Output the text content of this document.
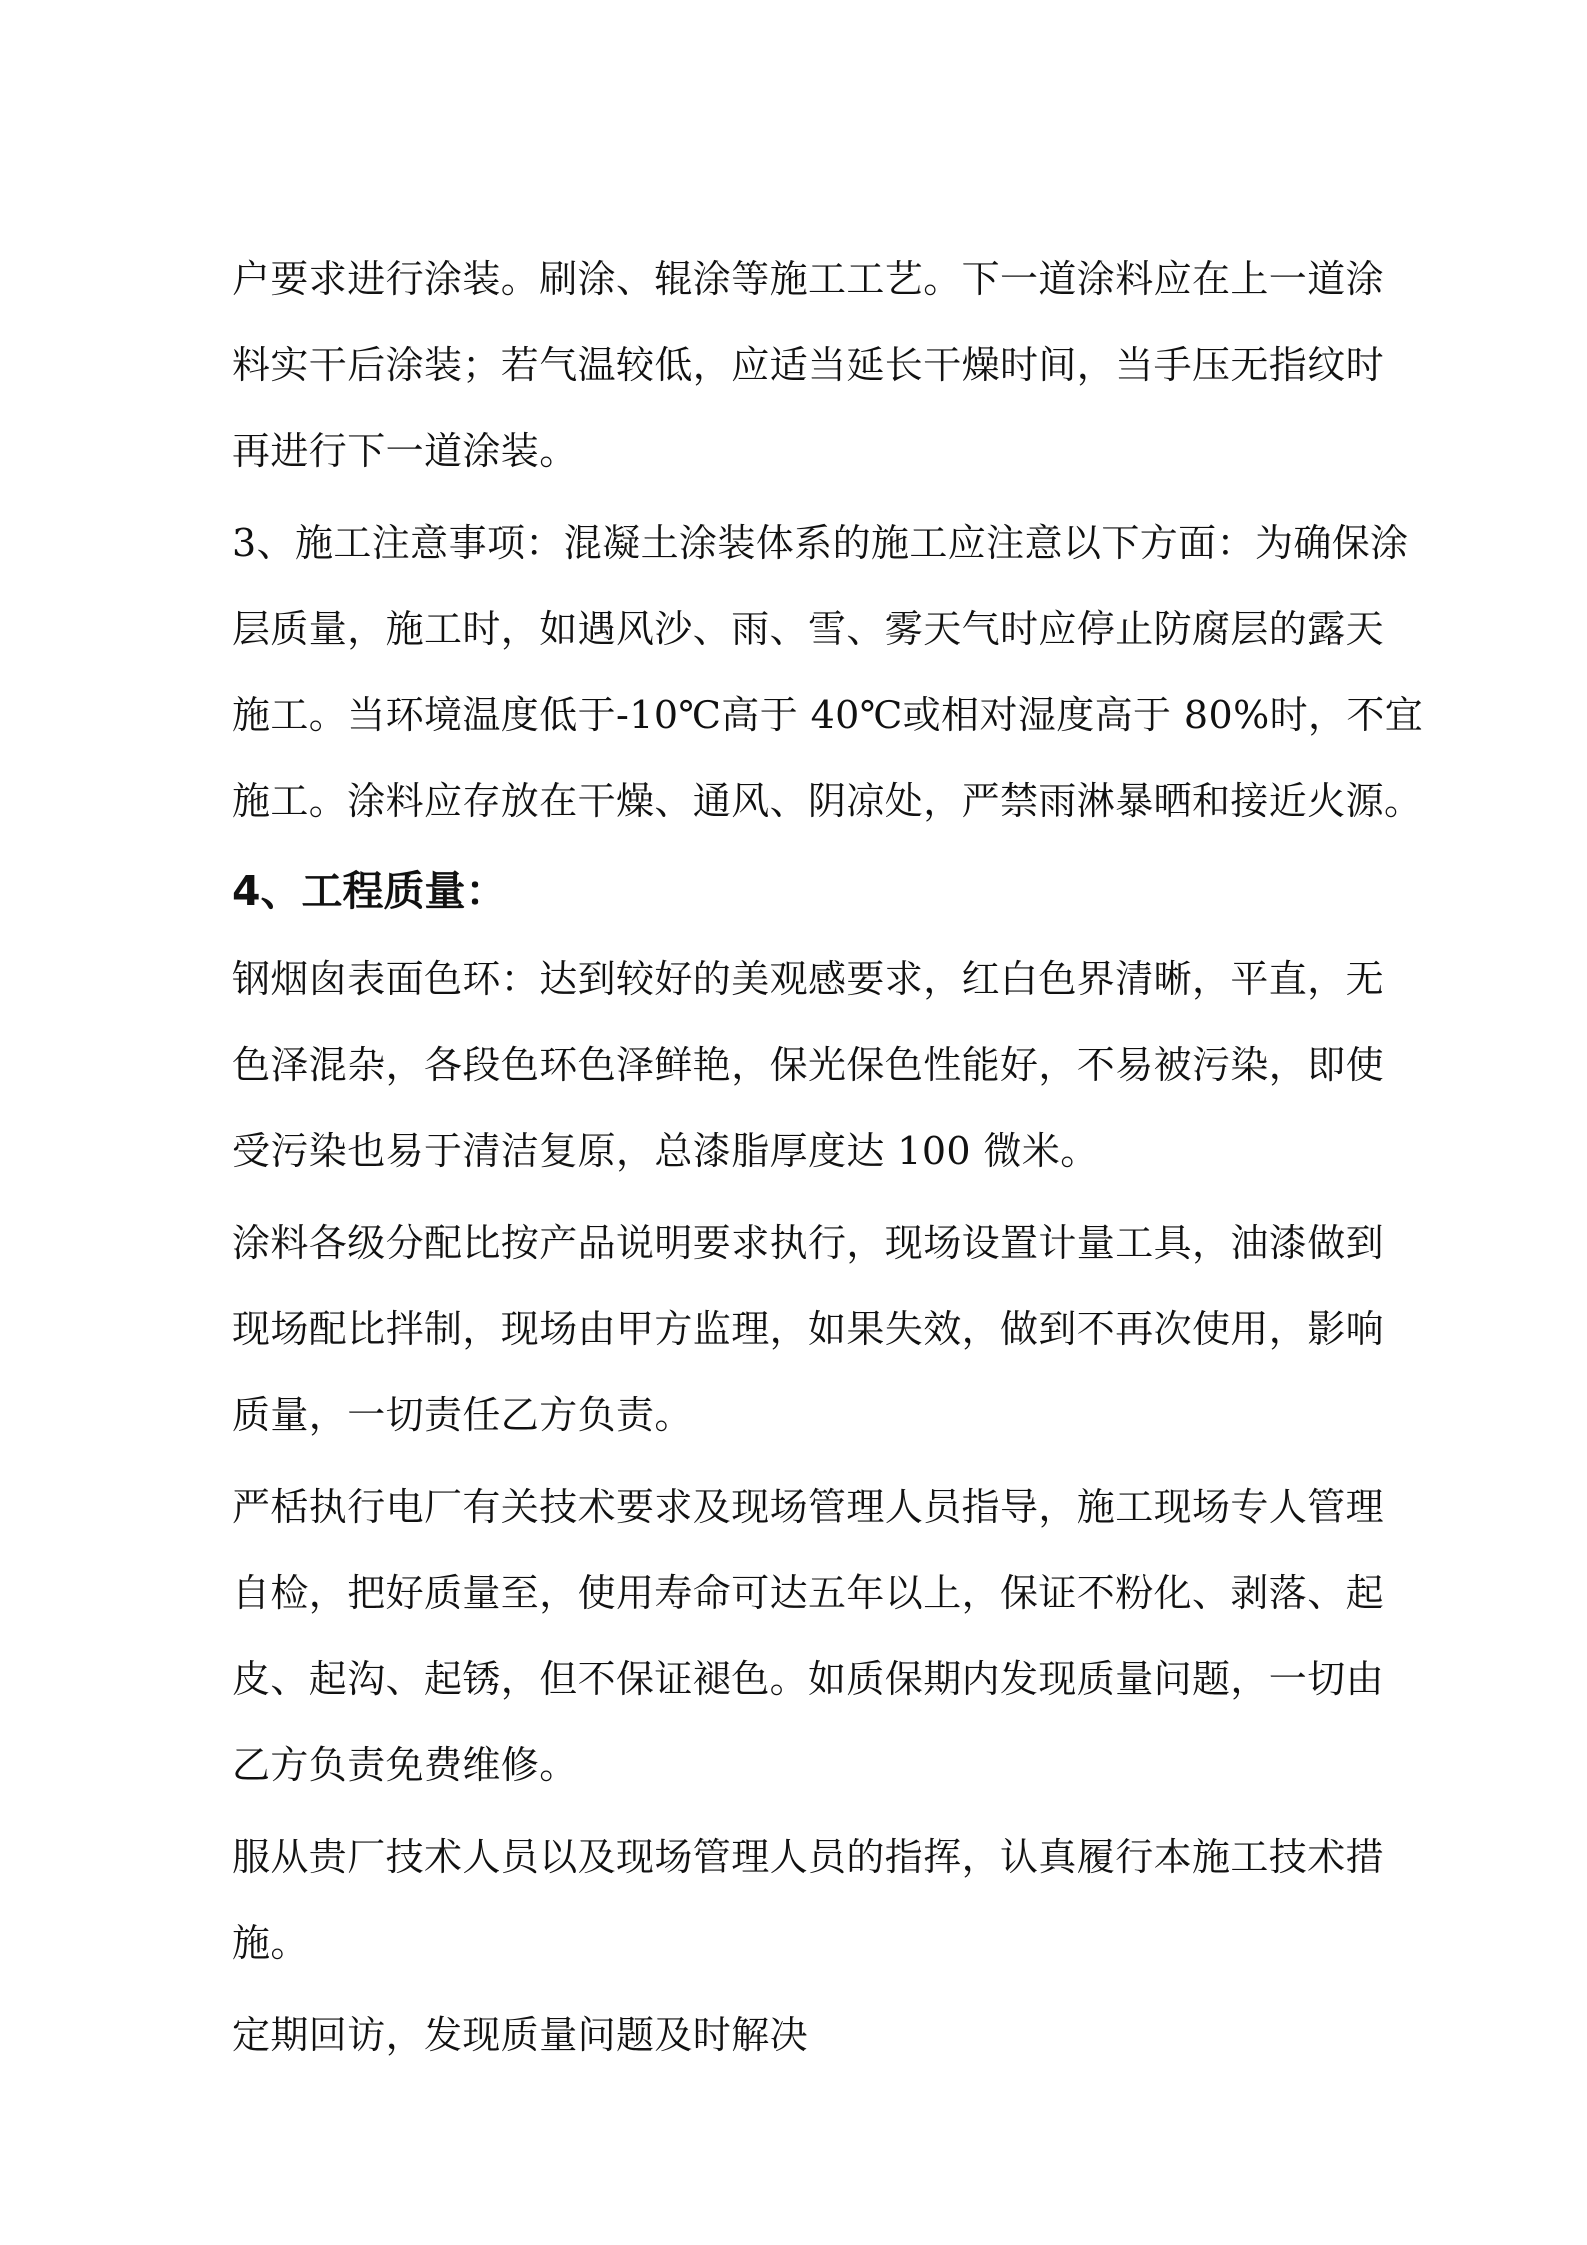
户要求进行涂装。刷涂、辊涂等施工工艺。下一道涂料应在上一道涂
料实干后涂装；若气温较低，应适当延长干燥时间，当手压无指纹时
再进行下一道涂装。
3、施工注意事项：混凝土涂装体系的施工应注意以下方面：为确保涂
层质量，施工时，如遇风沙、雨、雪、雾天气时应停止防腐层的露天
施工。当环境温度低于-10℃高于 40℃或相对湿度高于 80%时，不宜
施工。涂料应存放在干燥、通风、阴凉处，严禁雨淋暴晒和接近火源。
4、工程质量：
钢烟囱表面色环：达到较好的美观感要求，红白色界清晰，平直，无
色泽混杂，各段色环色泽鲜艳，保光保色性能好，不易被污染，即使
受污染也易于清洁复原，总漆脂厚度达 100 微米。
涂料各级分配比按产品说明要求执行，现场设置计量工具，油漆做到
现场配比拌制，现场由甲方监理，如果失效，做到不再次使用，影响
质量，一切责任乙方负责。
严栝执行电厂有关技术要求及现场管理人员指导，施工现场专人管理
自检，把好质量至，使用寿命可达五年以上，保证不粉化、剥落、起
皮、起沟、起锈，但不保证褪色。如质保期内发现质量问题，一切由
乙方负责免费维修。
服从贵厂技术人员以及现场管理人员的指挥，认真履行本施工技术措
施。
定期回访，发现质量问题及时解决
